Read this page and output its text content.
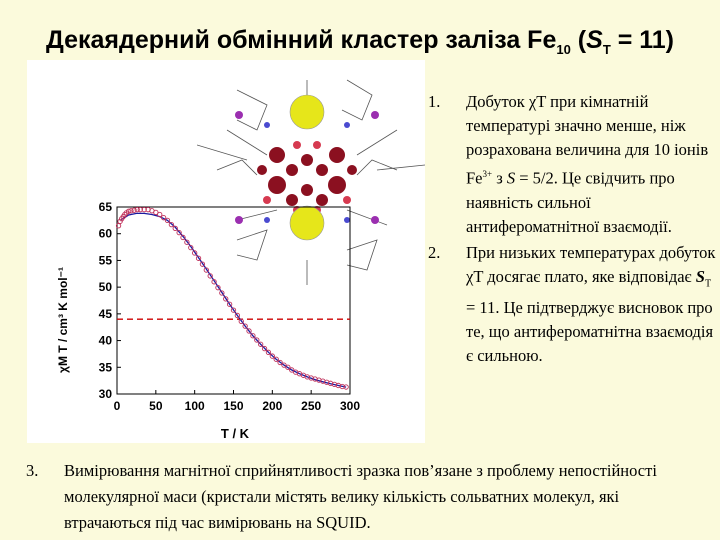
Декаядерний обмінний кластер заліза $Fe_{10}$ $(S_T = 11)$
0 50 100 150 200 250 300
30
35
40
45
50
55
60
65
T / K
χM T / cm³ K mol⁻¹
1. Добуток χT при кімнатній температурі значно менше, ніж розрахована величина для 10 іонів $Fe^{3+}$ з S = 5/2. Це свідчить про наявність сильної антифероматнітної взаємодії.
2. При низьких температурах добуток χT досягає плато, яке відповідає $S_T = 11$. Це підтверджує висновок про те, що антифероматнітна взаємодія є сильною.
3.	Вимірювання магнітної сприйнятливості зразка пов’язане з проблему непостійності молекулярної маси (кристали містять велику кількість сольватних молекул, які втрачаються під час вимірювань на SQUID.
